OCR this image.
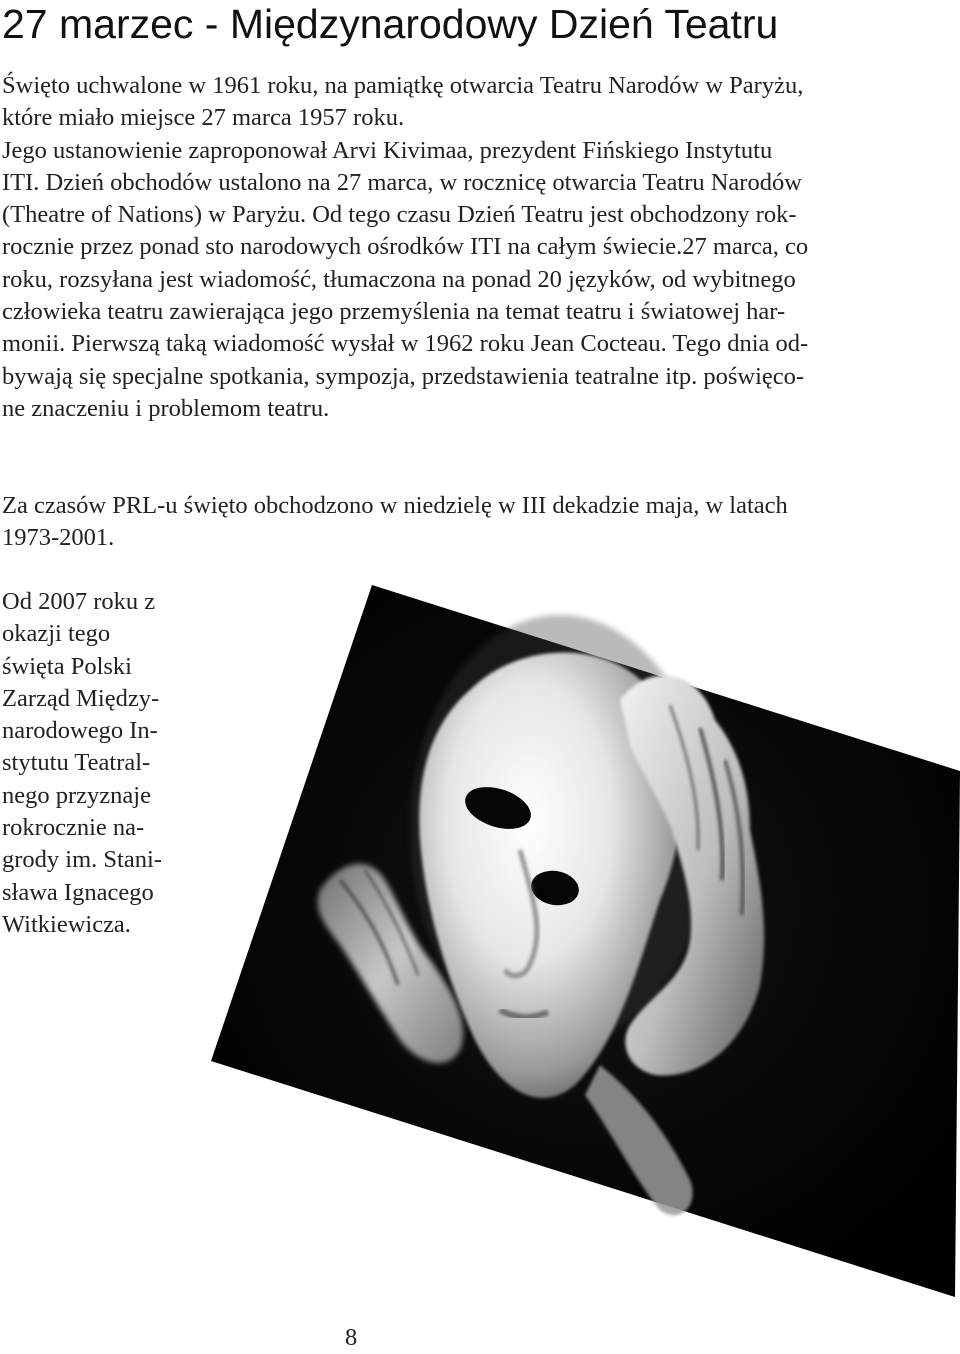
27 marzec - Międzynarodowy Dzień Teatru

Święto uchwalone w 1961 roku, na pamiątkę otwarcia Teatru Narodów w Paryżu,
które miało miejsce 27 marca 1957 roku.
Jego ustanowienie zaproponował Arvi Kivimaa, prezydent Fińskiego Instytutu
ITI. Dzień obchodów ustalono na 27 marca, w rocznicę otwarcia Teatru Narodów
(Theatre of Nations) w Paryżu. Od tego czasu Dzień Teatru jest obchodzony rok-
rocznie przez ponad sto narodowych ośrodków ITI na całym świecie.27 marca, co
roku, rozsyłana jest wiadomość, tłumaczona na ponad 20 języków, od wybitnego
człowieka teatru zawierająca jego przemyślenia na temat teatru i światowej har-
monii. Pierwszą taką wiadomość wysłał w 1962 roku Jean Cocteau. Tego dnia od-
bywają się specjalne spotkania, sympozja, przedstawienia teatralne itp. poświęco-
ne znaczeniu i problemom teatru.

Za czasów PRL-u święto obchodzono w niedzielę w III dekadzie maja, w latach
1973-2001.

Od 2007 roku z
okazji tego
święta Polski
Zarząd Między-
narodowego In-
stytutu Teatral-
nego przyznaje
rokrocznie na-
grody im. Stani-
sława Ignacego
Witkiewicza.

8
